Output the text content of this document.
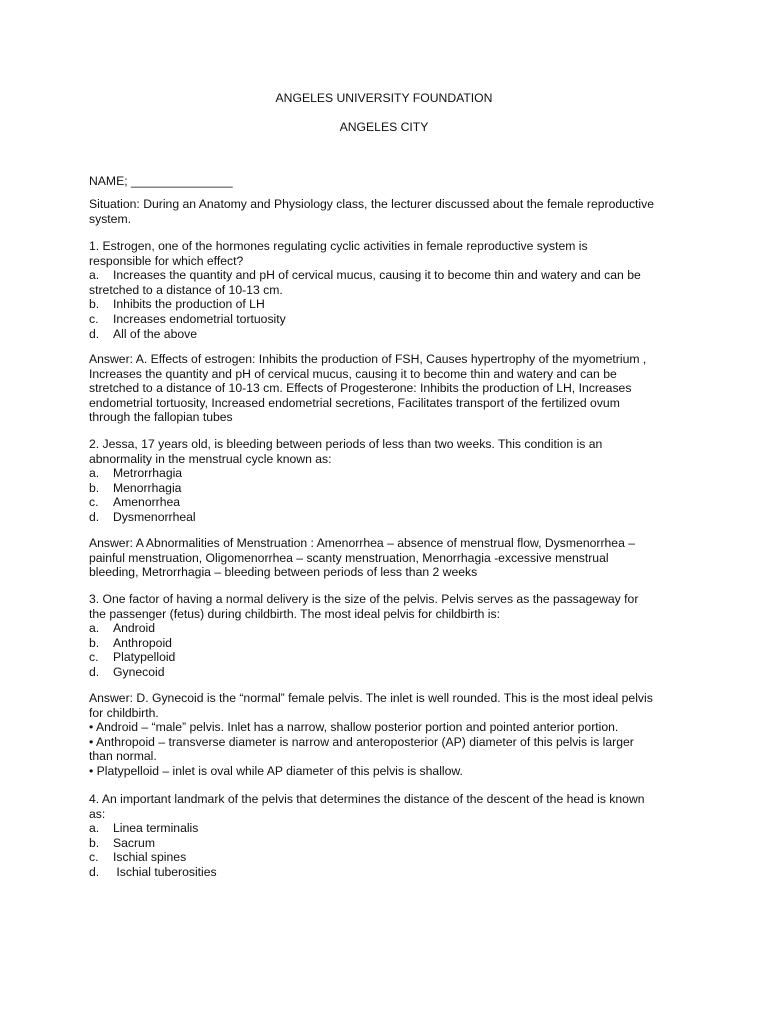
ANGELES UNIVERSITY FOUNDATION
ANGELES CITY
NAME; _______________
Situation: During an Anatomy and Physiology class, the lecturer discussed about the female reproductive
system.
1. Estrogen, one of the hormones regulating cyclic activities in female reproductive system is
responsible for which effect?
a. Increases the quantity and pH of cervical mucus, causing it to become thin and watery and can be
stretched to a distance of 10-13 cm.
b. Inhibits the production of LH
c. Increases endometrial tortuosity
d. All of the above
Answer: A. Effects of estrogen: Inhibits the production of FSH, Causes hypertrophy of the myometrium ,
Increases the quantity and pH of cervical mucus, causing it to become thin and watery and can be
stretched to a distance of 10-13 cm. Effects of Progesterone: Inhibits the production of LH, Increases
endometrial tortuosity, Increased endometrial secretions, Facilitates transport of the fertilized ovum
through the fallopian tubes
2. Jessa, 17 years old, is bleeding between periods of less than two weeks. This condition is an
abnormality in the menstrual cycle known as:
a. Metrorrhagia
b. Menorrhagia
c. Amenorrhea
d. Dysmenorrheal
Answer: A Abnormalities of Menstruation : Amenorrhea – absence of menstrual flow, Dysmenorrhea –
painful menstruation, Oligomenorrhea – scanty menstruation, Menorrhagia -excessive menstrual
bleeding, Metrorrhagia – bleeding between periods of less than 2 weeks
3. One factor of having a normal delivery is the size of the pelvis. Pelvis serves as the passageway for
the passenger (fetus) during childbirth. The most ideal pelvis for childbirth is:
a. Android
b. Anthropoid
c. Platypelloid
d. Gynecoid
Answer: D. Gynecoid is the “normal” female pelvis. The inlet is well rounded. This is the most ideal pelvis
for childbirth.
• Android – “male” pelvis. Inlet has a narrow, shallow posterior portion and pointed anterior portion.
• Anthropoid – transverse diameter is narrow and anteroposterior (AP) diameter of this pelvis is larger
than normal.
• Platypelloid – inlet is oval while AP diameter of this pelvis is shallow.
4. An important landmark of the pelvis that determines the distance of the descent of the head is known
as:
a. Linea terminalis
b. Sacrum
c. Ischial spines
d. Ischial tuberosities
